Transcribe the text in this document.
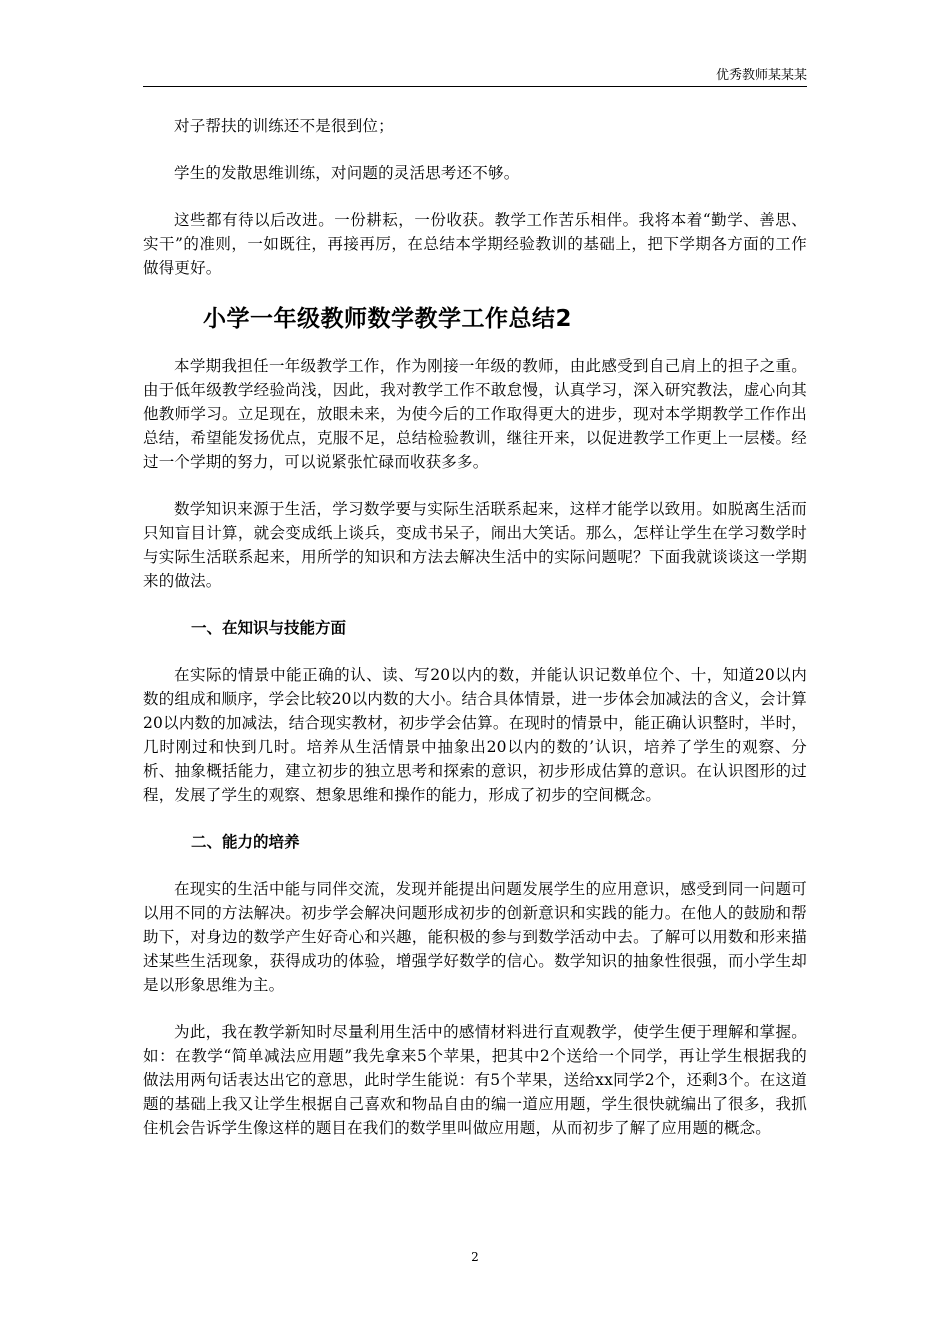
优秀教师某某某

对子帮扶的训练还不是很到位；

学生的发散思维训练，对问题的灵活思考还不够。

这些都有待以后改进。一份耕耘，一份收获。教学工作苦乐相伴。我将本着“勤学、善思、实干”的准则，一如既往，再接再厉，在总结本学期经验教训的基础上，把下学期各方面的工作做得更好。

小学一年级教师数学教学工作总结2

本学期我担任一年级教学工作，作为刚接一年级的教师，由此感受到自己肩上的担子之重。由于低年级教学经验尚浅，因此，我对教学工作不敢怠慢，认真学习，深入研究教法，虚心向其他教师学习。立足现在，放眼未来，为使今后的工作取得更大的进步，现对本学期教学工作作出总结，希望能发扬优点，克服不足，总结检验教训，继往开来，以促进教学工作更上一层楼。经过一个学期的努力，可以说紧张忙碌而收获多多。

数学知识来源于生活，学习数学要与实际生活联系起来，这样才能学以致用。如脱离生活而只知盲目计算，就会变成纸上谈兵，变成书呆子，闹出大笑话。那么，怎样让学生在学习数学时与实际生活联系起来，用所学的知识和方法去解决生活中的实际问题呢？下面我就谈谈这一学期来的做法。

一、在知识与技能方面

在实际的情景中能正确的认、读、写20以内的数，并能认识记数单位个、十，知道20以内数的组成和顺序，学会比较20以内数的大小。结合具体情景，进一步体会加减法的含义，会计算20以内数的加减法，结合现实教材，初步学会估算。在现时的情景中，能正确认识整时，半时，几时刚过和快到几时。培养从生活情景中抽象出20以内的数的’认识，培养了学生的观察、分析、抽象概括能力，建立初步的独立思考和探索的意识，初步形成估算的意识。在认识图形的过程，发展了学生的观察、想象思维和操作的能力，形成了初步的空间概念。

二、能力的培养

在现实的生活中能与同伴交流，发现并能提出问题发展学生的应用意识，感受到同一问题可以用不同的方法解决。初步学会解决问题形成初步的创新意识和实践的能力。在他人的鼓励和帮助下，对身边的数学产生好奇心和兴趣，能积极的参与到数学活动中去。了解可以用数和形来描述某些生活现象，获得成功的体验，增强学好数学的信心。数学知识的抽象性很强，而小学生却是以形象思维为主。

为此，我在教学新知时尽量利用生活中的感情材料进行直观教学，使学生便于理解和掌握。如：在教学“简单减法应用题”我先拿来5个苹果，把其中2个送给一个同学，再让学生根据我的做法用两句话表达出它的意思，此时学生能说：有5个苹果，送给xx同学2个，还剩3个。在这道题的基础上我又让学生根据自己喜欢和物品自由的编一道应用题，学生很快就编出了很多，我抓住机会告诉学生像这样的题目在我们的数学里叫做应用题，从而初步了解了应用题的概念。

2
